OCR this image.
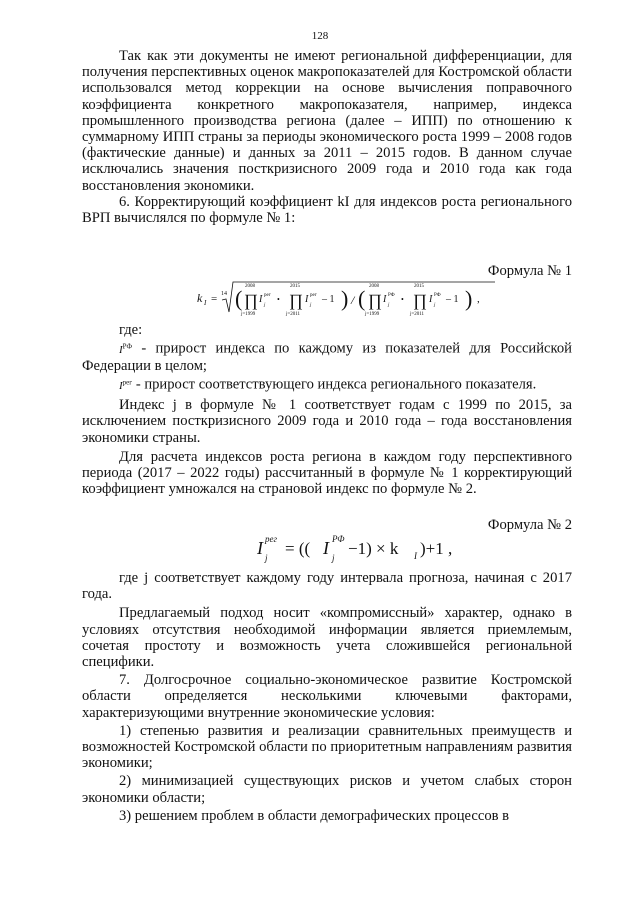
128

Так как эти документы не имеют региональной дифференциации, для получения перспективных оценок макропоказателей для Костромской области использовался метод коррекции на основе вычисления поправочного коэффициента конкретного макропоказателя, например, индекса промышленного производства региона (далее – ИПП) по отношению к суммарному ИПП страны за периоды экономического роста 1999 – 2008 годов (фактические данные) и данных за 2011 – 2015 годов. В данном случае исключались значения посткризисного 2009 года и 2010 года как года восстановления экономики.

6. Корректирующий коэффициент kI для индексов роста регионального ВРП вычислялся по формуле № 1:

Формула № 1
k I = 14 ( 2008
∏
j=1999
I рег
j
•
2015
∏
j=2011
I рег
j
– 1 ) / ( 2008
∏
j=1999
I РФ
j
•
2015
∏
j=2011
I РФ
j
– 1 ) ,

где:

$I^{РФ}$ - прирост индекса по каждому из показателей для Российской Федерации в целом;

$I^{рег}$ - прирост соответствующего индекса регионального показателя.

Индекс j в формуле № 1 соответствует годам с 1999 по 2015, за исключением посткризисного 2009 года и 2010 года – года восстановления экономики страны.

Для расчета индексов роста региона в каждом году перспективного периода (2017 – 2022 годы) рассчитанный в формуле № 1 корректирующий коэффициент умножался на страновой индекс по формуле № 2.

Формула № 2
I рег
j = (( I РФ
j −1) × k I )+1 ,

где j соответствует каждому году интервала прогноза, начиная с 2017 года.

Предлагаемый подход носит «компромиссный» характер, однако в условиях отсутствия необходимой информации является приемлемым, сочетая простоту и возможность учета сложившейся региональной специфики.

7. Долгосрочное социально-экономическое развитие Костромской области определяется несколькими ключевыми факторами, характеризующими внутренние экономические условия:

1) степенью развития и реализации сравнительных преимуществ и возможностей Костромской области по приоритетным направлениям развития экономики;

2) минимизацией существующих рисков и учетом слабых сторон экономики области;

3) решением проблем в области демографических процессов в
